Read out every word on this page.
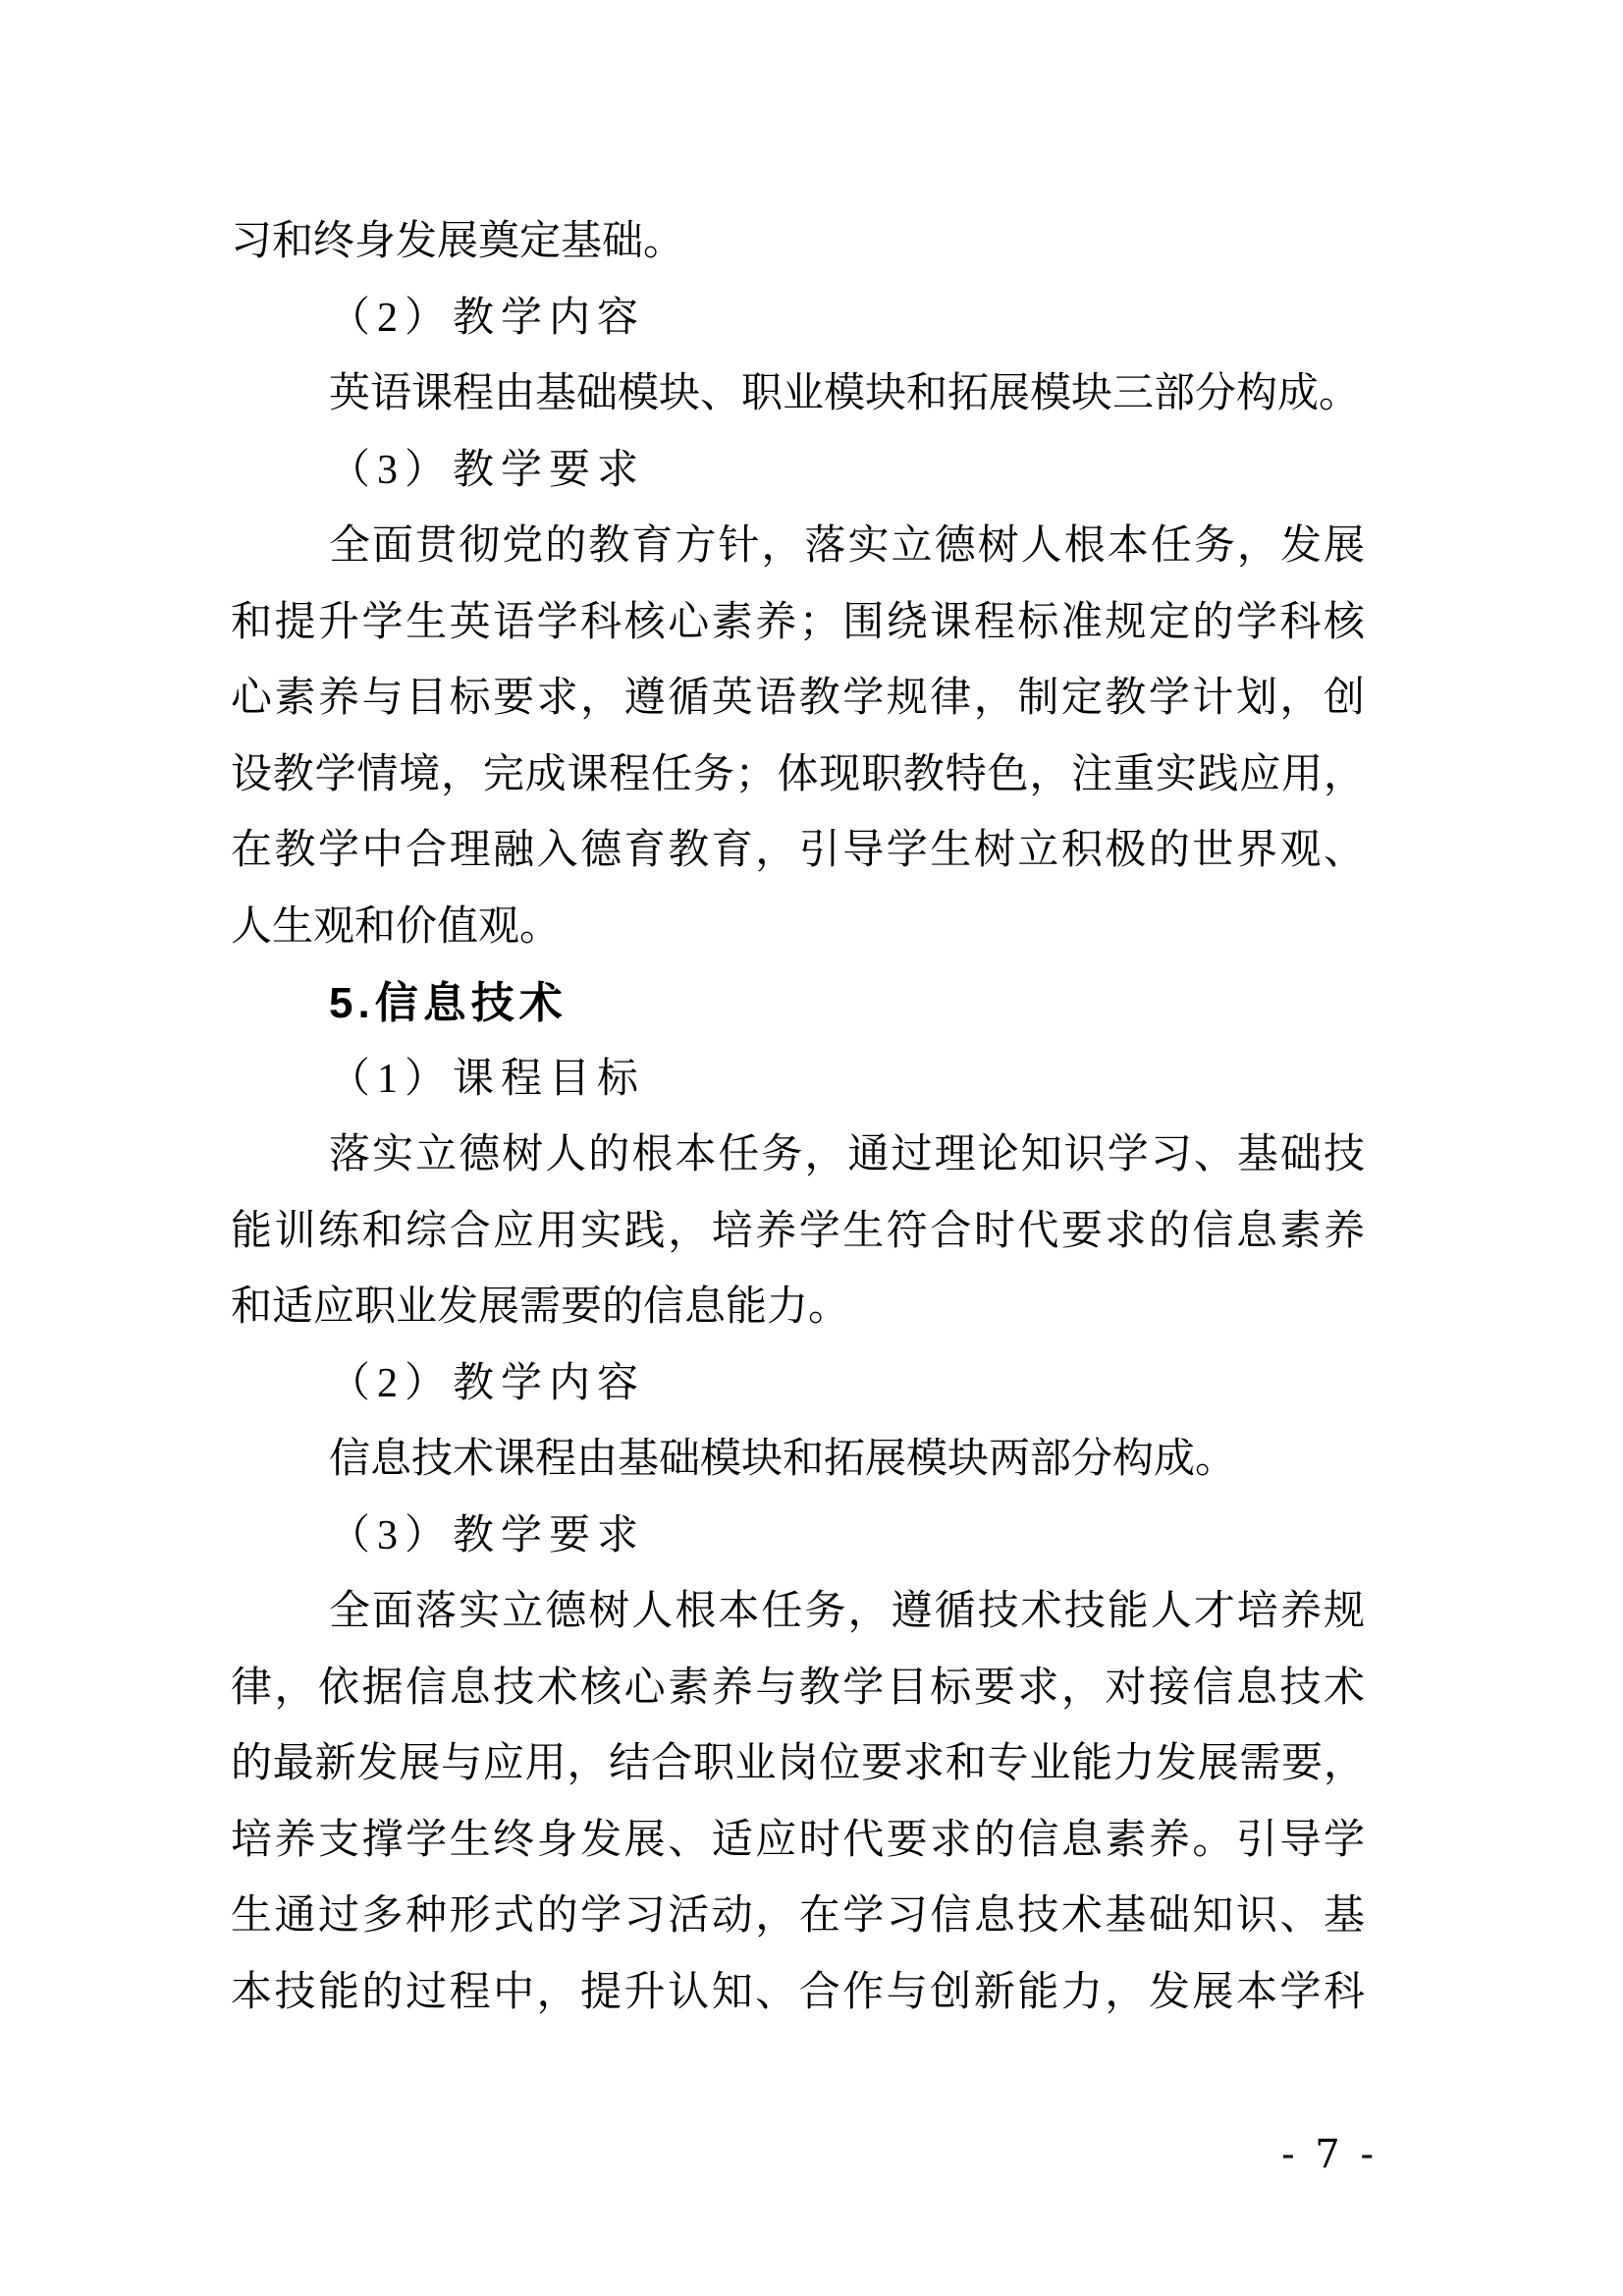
习和终身发展奠定基础。
（2）教学内容
英语课程由基础模块、职业模块和拓展模块三部分构成。
（3）教学要求
全面贯彻党的教育方针，落实立德树人根本任务，发展
和提升学生英语学科核心素养；围绕课程标准规定的学科核
心素养与目标要求，遵循英语教学规律，制定教学计划，创
设教学情境，完成课程任务；体现职教特色，注重实践应用，
在教学中合理融入德育教育，引导学生树立积极的世界观、
人生观和价值观。
5.信息技术
（1）课程目标
落实立德树人的根本任务，通过理论知识学习、基础技
能训练和综合应用实践，培养学生符合时代要求的信息素养
和适应职业发展需要的信息能力。
（2）教学内容
信息技术课程由基础模块和拓展模块两部分构成。
（3）教学要求
全面落实立德树人根本任务，遵循技术技能人才培养规
律，依据信息技术核心素养与教学目标要求，对接信息技术
的最新发展与应用，结合职业岗位要求和专业能力发展需要，
培养支撑学生终身发展、适应时代要求的信息素养。引导学
生通过多种形式的学习活动，在学习信息技术基础知识、基
本技能的过程中，提升认知、合作与创新能力，发展本学科
- 7 -
